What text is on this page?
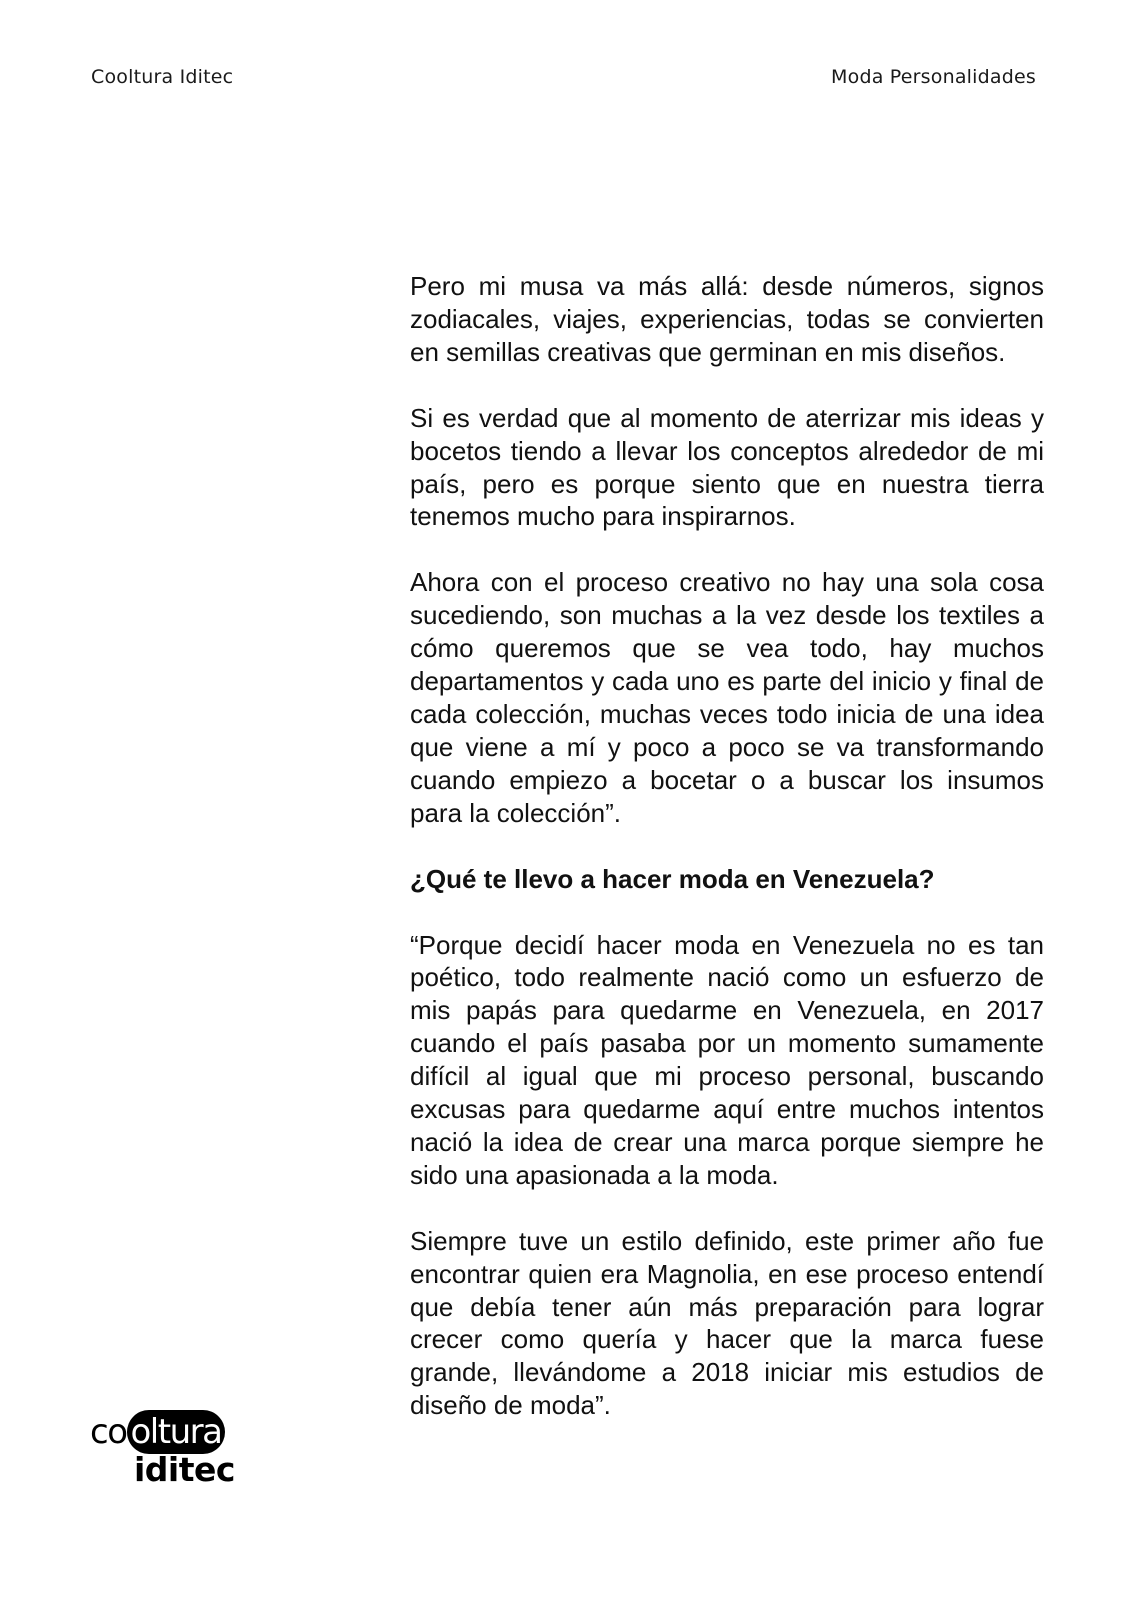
Cooltura Iditec	Moda Personalidades

Pero mi musa va más allá: desde números, signos zodiacales, viajes, experiencias, todas se convierten en semillas creativas que germinan en mis diseños.

Si es verdad que al momento de aterrizar mis ideas y bocetos tiendo a llevar los conceptos alrededor de mi país, pero es porque siento que en nuestra tierra tenemos mucho para inspirarnos.

Ahora con el proceso creativo no hay una sola cosa sucediendo, son muchas a la vez desde los textiles a cómo queremos que se vea todo, hay muchos departamentos y cada uno es parte del inicio y final de cada colección, muchas veces todo inicia de una idea que viene a mí y poco a poco se va transformando cuando empiezo a bocetar o a buscar los insumos para la colección”.

¿Qué te llevo a hacer moda en Venezuela?

“Porque decidí hacer moda en Venezuela no es tan poético, todo realmente nació como un esfuerzo de mis papás para quedarme en Venezuela, en 2017 cuando el país pasaba por un momento sumamente difícil al igual que mi proceso personal, buscando excusas para quedarme aquí entre muchos intentos nació la idea de crear una marca porque siempre he sido una apasionada a la moda.

Siempre tuve un estilo definido, este primer año fue encontrar quien era Magnolia, en ese proceso entendí que debía tener aún más preparación para lograr crecer como quería y hacer que la marca fuese grande, llevándome a 2018 iniciar mis estudios de diseño de moda”.

co oltura
iditec
